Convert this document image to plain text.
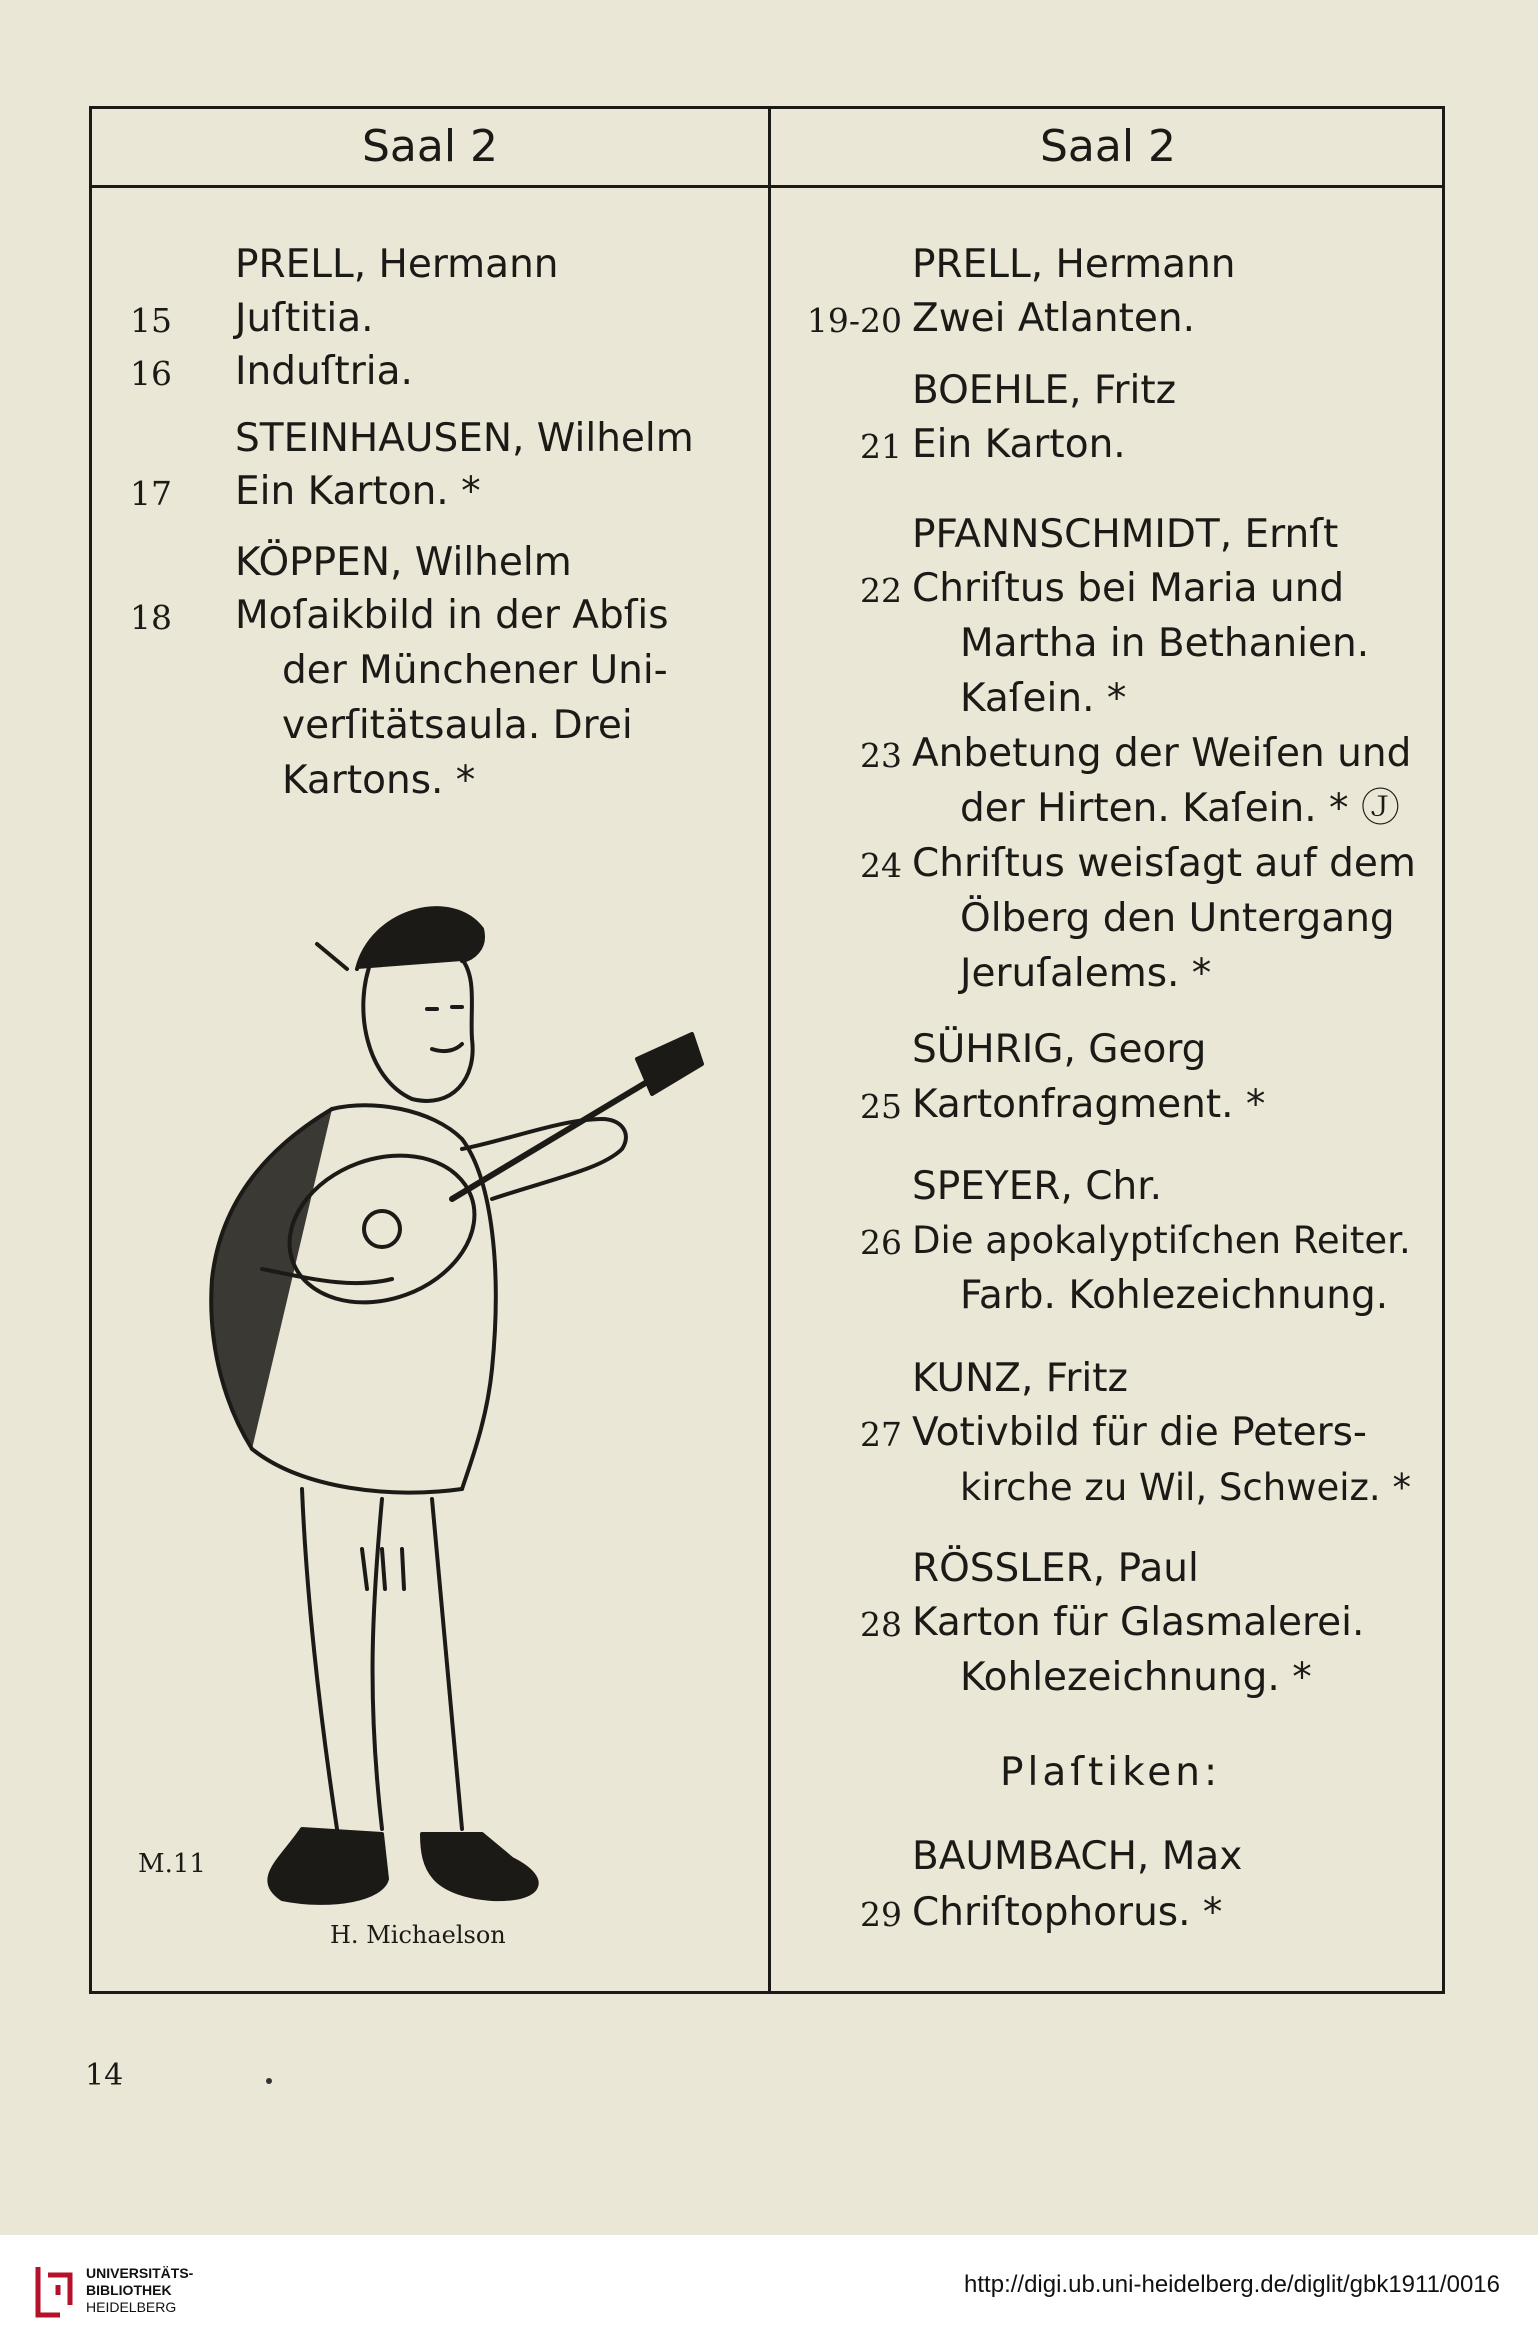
Saal 2	Saal 2
PRELL, Hermann
15 Juſtitia.
16 Induſtria.
STEINHAUSEN, Wilhelm
17 Ein Karton. *
KÖPPEN, Wilhelm
18 Moſaikbild in der Abſis
der Münchener Uni-
verſitätsaula. Drei
Kartons. *
M.11
H. Michaelson
PRELL, Hermann
19-20 Zwei Atlanten.
BOEHLE, Fritz
21 Ein Karton.
PFANNSCHMIDT, Ernſt
22 Chriſtus bei Maria und
Martha in Bethanien.
Kaſein. *
23 Anbetung der Weiſen und
der Hirten. Kaſein. * Ⓙ
24 Chriſtus weisſagt auf dem
Ölberg den Untergang
Jeruſalems. *
SÜHRIG, Georg
25 Kartonfragment. *
SPEYER, Chr.
26 Die apokalyptiſchen Reiter.
Farb. Kohlezeichnung.
KUNZ, Fritz
27 Votivbild für die Peters-
kirche zu Wil, Schweiz. *
RÖSSLER, Paul
28 Karton für Glasmalerei.
Kohlezeichnung. *
Plaſtiken:
BAUMBACH, Max
29 Chriſtophorus. *
14
UNIVERSITÄTS-
BIBLIOTHEK
HEIDELBERG
http://digi.ub.uni-heidelberg.de/diglit/gbk1911/0016
